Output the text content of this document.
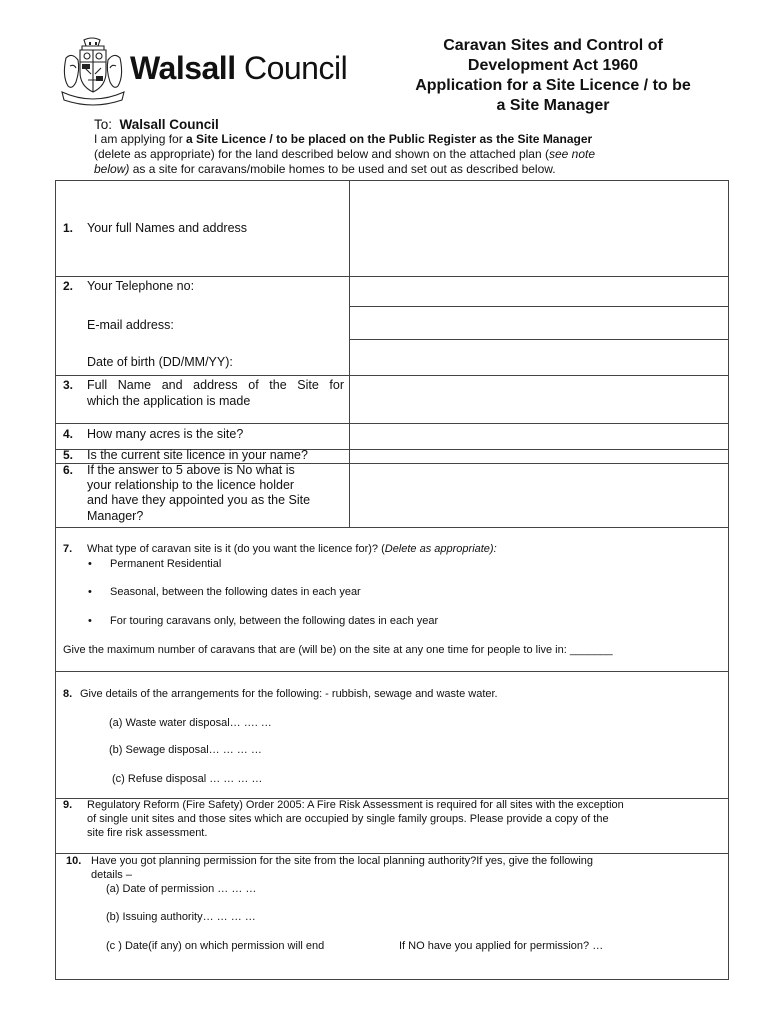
Walsall Council
Caravan Sites and Control of
Development Act 1960
Application for a Site Licence / to be
a Site Manager
To: Walsall Council
I am applying for a Site Licence / to be placed on the Public Register as the Site Manager
(delete as appropriate) for the land described below and shown on the attached plan (see note
below) as a site for caravans/mobile homes to be used and set out as described below.
1. Your full Names and address
2. Your Telephone no:
E-mail address:
Date of birth (DD/MM/YY):
3. Full Name and address of the Site for
which the application is made
4. How many acres is the site?
5. Is the current site licence in your name?
6. If the answer to 5 above is No what is
your relationship to the licence holder
and have they appointed you as the Site
Manager?
7. What type of caravan site is it (do you want the licence for)? (Delete as appropriate):
• Permanent Residential
• Seasonal, between the following dates in each year
• For touring caravans only, between the following dates in each year
Give the maximum number of caravans that are (will be) on the site at any one time for people to live in: _______
8. Give details of the arrangements for the following: - rubbish, sewage and waste water.
(a) Waste water disposal… …. …
(b) Sewage disposal… … … …
(c) Refuse disposal … … … …
9. Regulatory Reform (Fire Safety) Order 2005: A Fire Risk Assessment is required for all sites with the exception
of single unit sites and those sites which are occupied by single family groups. Please provide a copy of the
site fire risk assessment.
10. Have you got planning permission for the site from the local planning authority?If yes, give the following
details –
(a) Date of permission … … …
(b) Issuing authority… … … …
(c ) Date(if any) on which permission will end	If NO have you applied for permission? …
